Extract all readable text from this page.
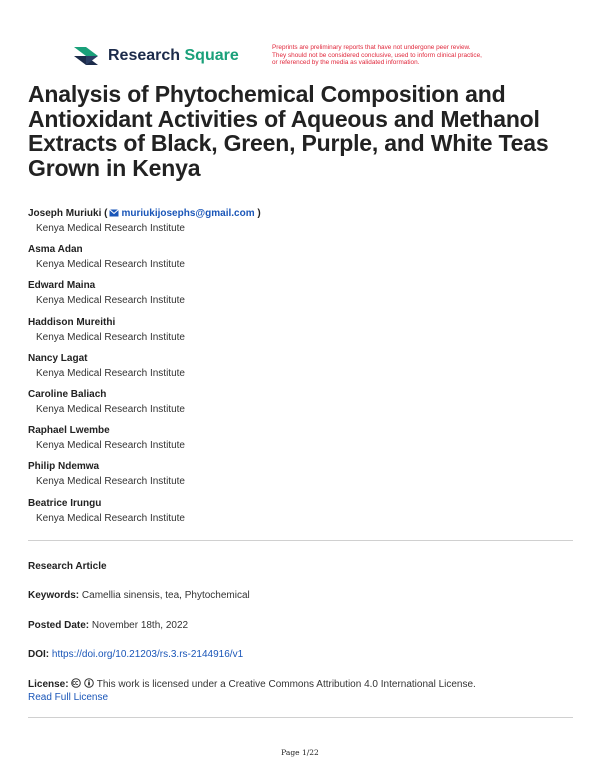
Research Square	Preprints are preliminary reports that have not undergone peer review.
They should not be considered conclusive, used to inform clinical practice,
or referenced by the media as validated information.
Analysis of Phytochemical Composition and Antioxidant Activities of Aqueous and Methanol Extracts of Black, Green, Purple, and White Teas Grown in Kenya
Joseph Muriuki ( muriukijosephs@gmail.com )
Kenya Medical Research Institute
Asma Adan
Kenya Medical Research Institute
Edward Maina
Kenya Medical Research Institute
Haddison Mureithi
Kenya Medical Research Institute
Nancy Lagat
Kenya Medical Research Institute
Caroline Baliach
Kenya Medical Research Institute
Raphael Lwembe
Kenya Medical Research Institute
Philip Ndemwa
Kenya Medical Research Institute
Beatrice Irungu
Kenya Medical Research Institute
Research Article
Keywords: Camellia sinensis, tea, Phytochemical
Posted Date: November 18th, 2022
DOI: https://doi.org/10.21203/rs.3.rs-2144916/v1
License:	This work is licensed under a Creative Commons Attribution 4.0 International License.
Read Full License
Page 1/22
